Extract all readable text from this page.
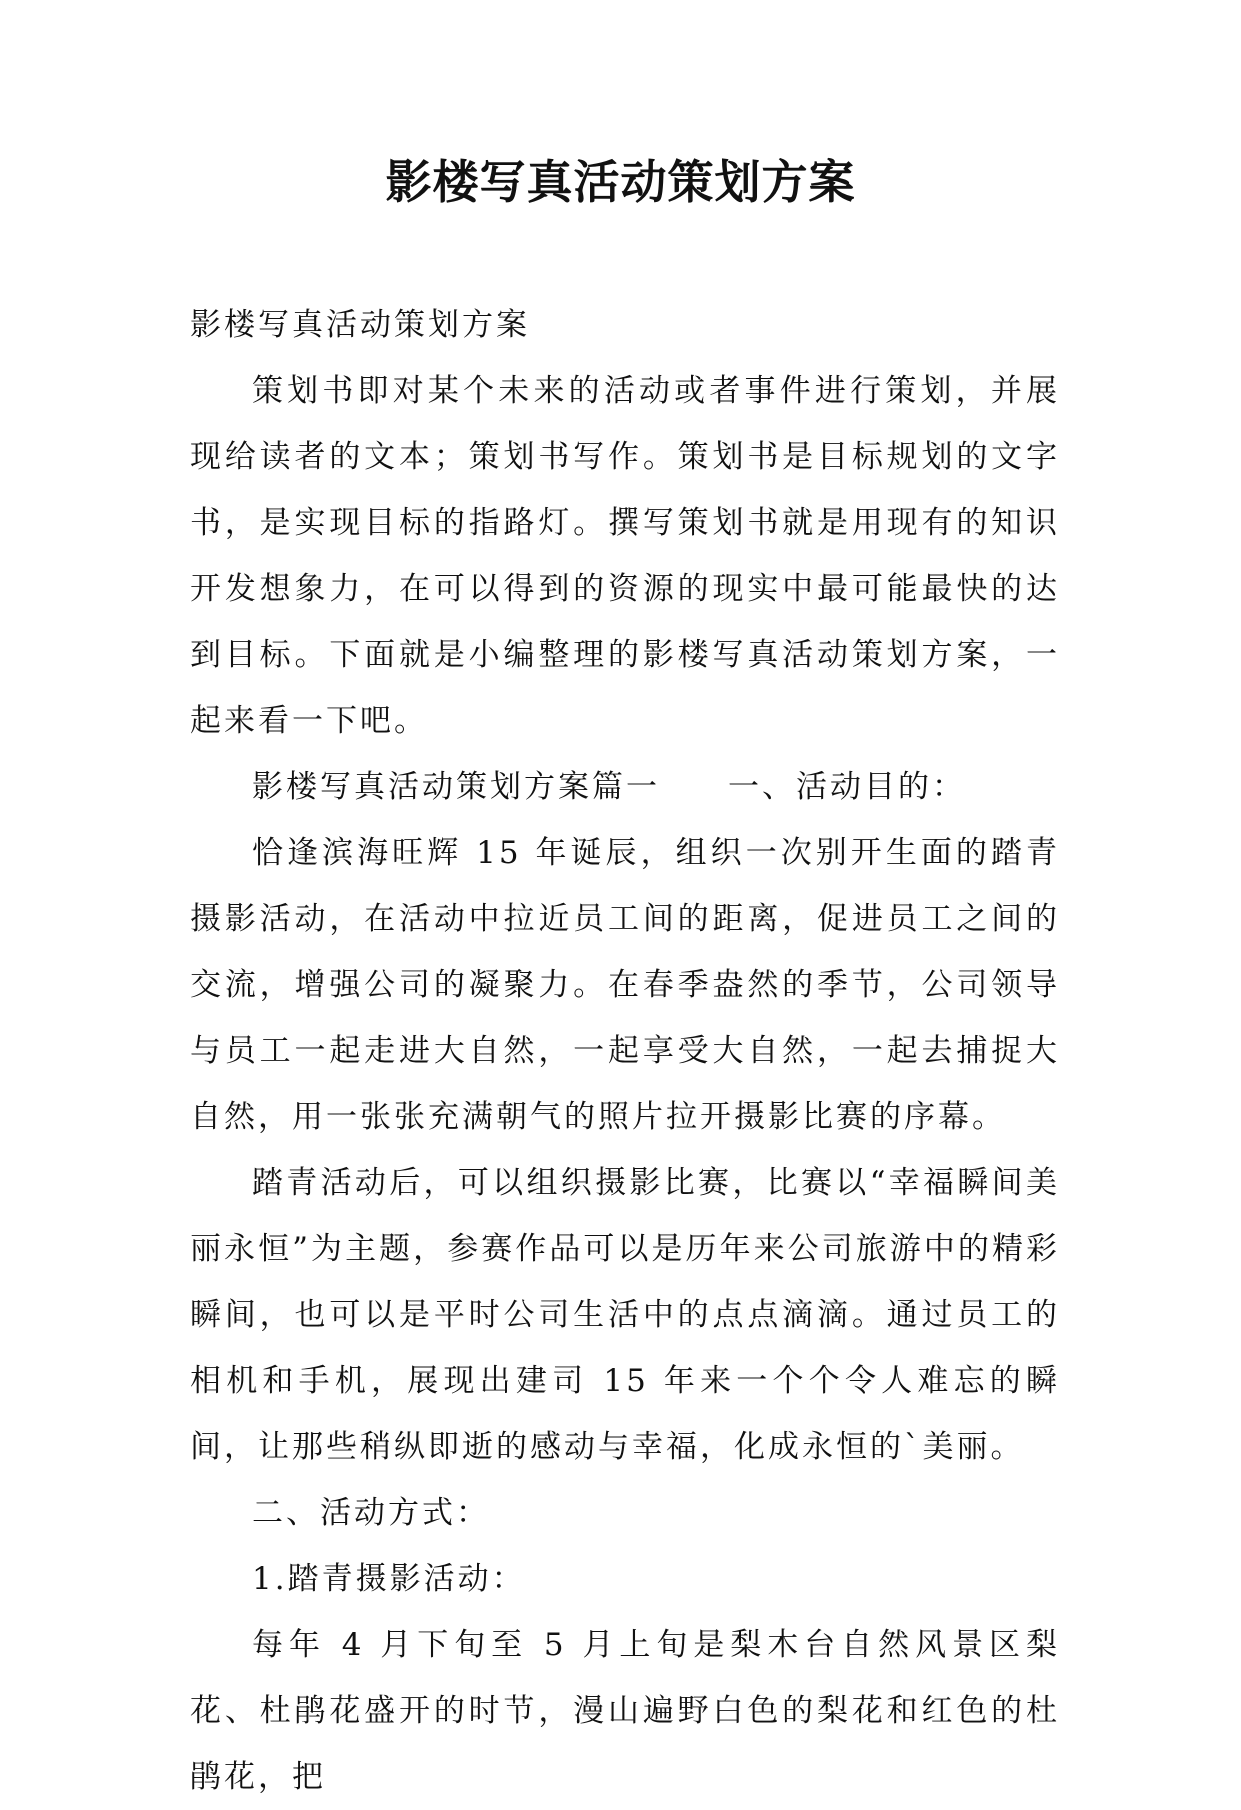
影楼写真活动策划方案

影楼写真活动策划方案

策划书即对某个未来的活动或者事件进行策划，并展现给读者的文本；策划书写作。策划书是目标规划的文字书，是实现目标的指路灯。撰写策划书就是用现有的知识开发想象力，在可以得到的资源的现实中最可能最快的达到目标。下面就是小编整理的影楼写真活动策划方案，一起来看一下吧。

影楼写真活动策划方案篇一　　一、活动目的：

恰逢滨海旺辉 15 年诞辰，组织一次别开生面的踏青摄影活动，在活动中拉近员工间的距离，促进员工之间的交流，增强公司的凝聚力。在春季盎然的季节，公司领导与员工一起走进大自然，一起享受大自然，一起去捕捉大自然，用一张张充满朝气的照片拉开摄影比赛的序幕。

踏青活动后，可以组织摄影比赛，比赛以“幸福瞬间美丽永恒”为主题，参赛作品可以是历年来公司旅游中的精彩瞬间，也可以是平时公司生活中的点点滴滴。通过员工的相机和手机，展现出建司 15 年来一个个令人难忘的瞬间，让那些稍纵即逝的感动与幸福，化成永恒的`美丽。

二、活动方式：

1.踏青摄影活动：

每年 4 月下旬至 5 月上旬是梨木台自然风景区梨花、杜鹃花盛开的时节，漫山遍野白色的梨花和红色的杜鹃花，把
